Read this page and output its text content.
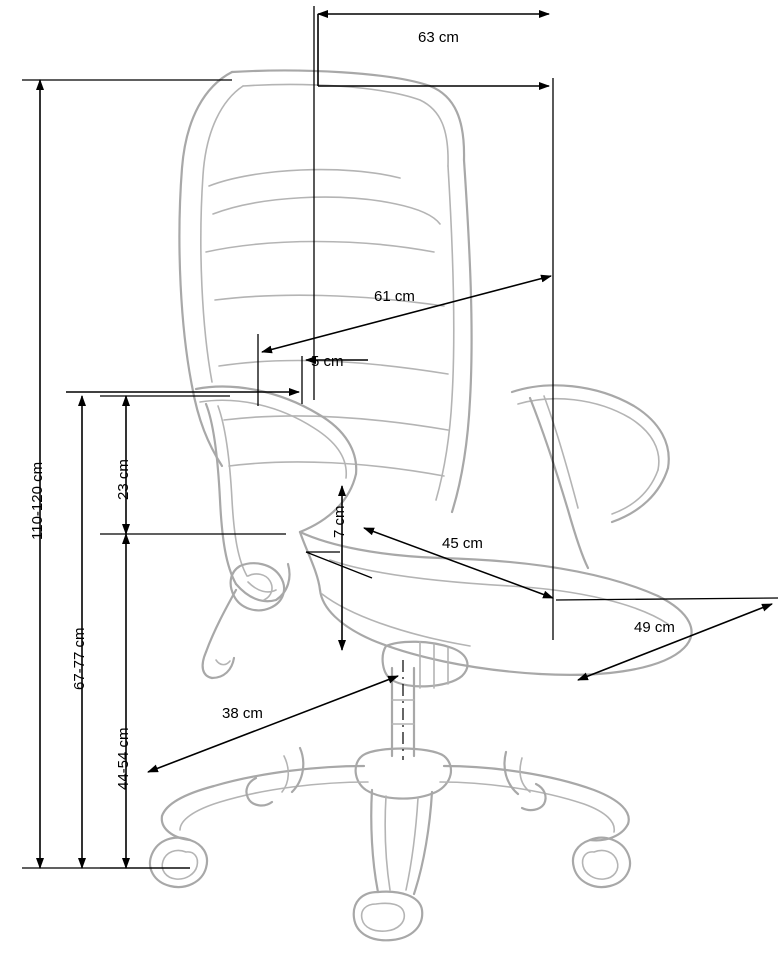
63 cm
61 cm
5 cm
45 cm
49 cm
38 cm
110-120 cm
67-77 cm
44-54 cm
23 cm
7 cm
